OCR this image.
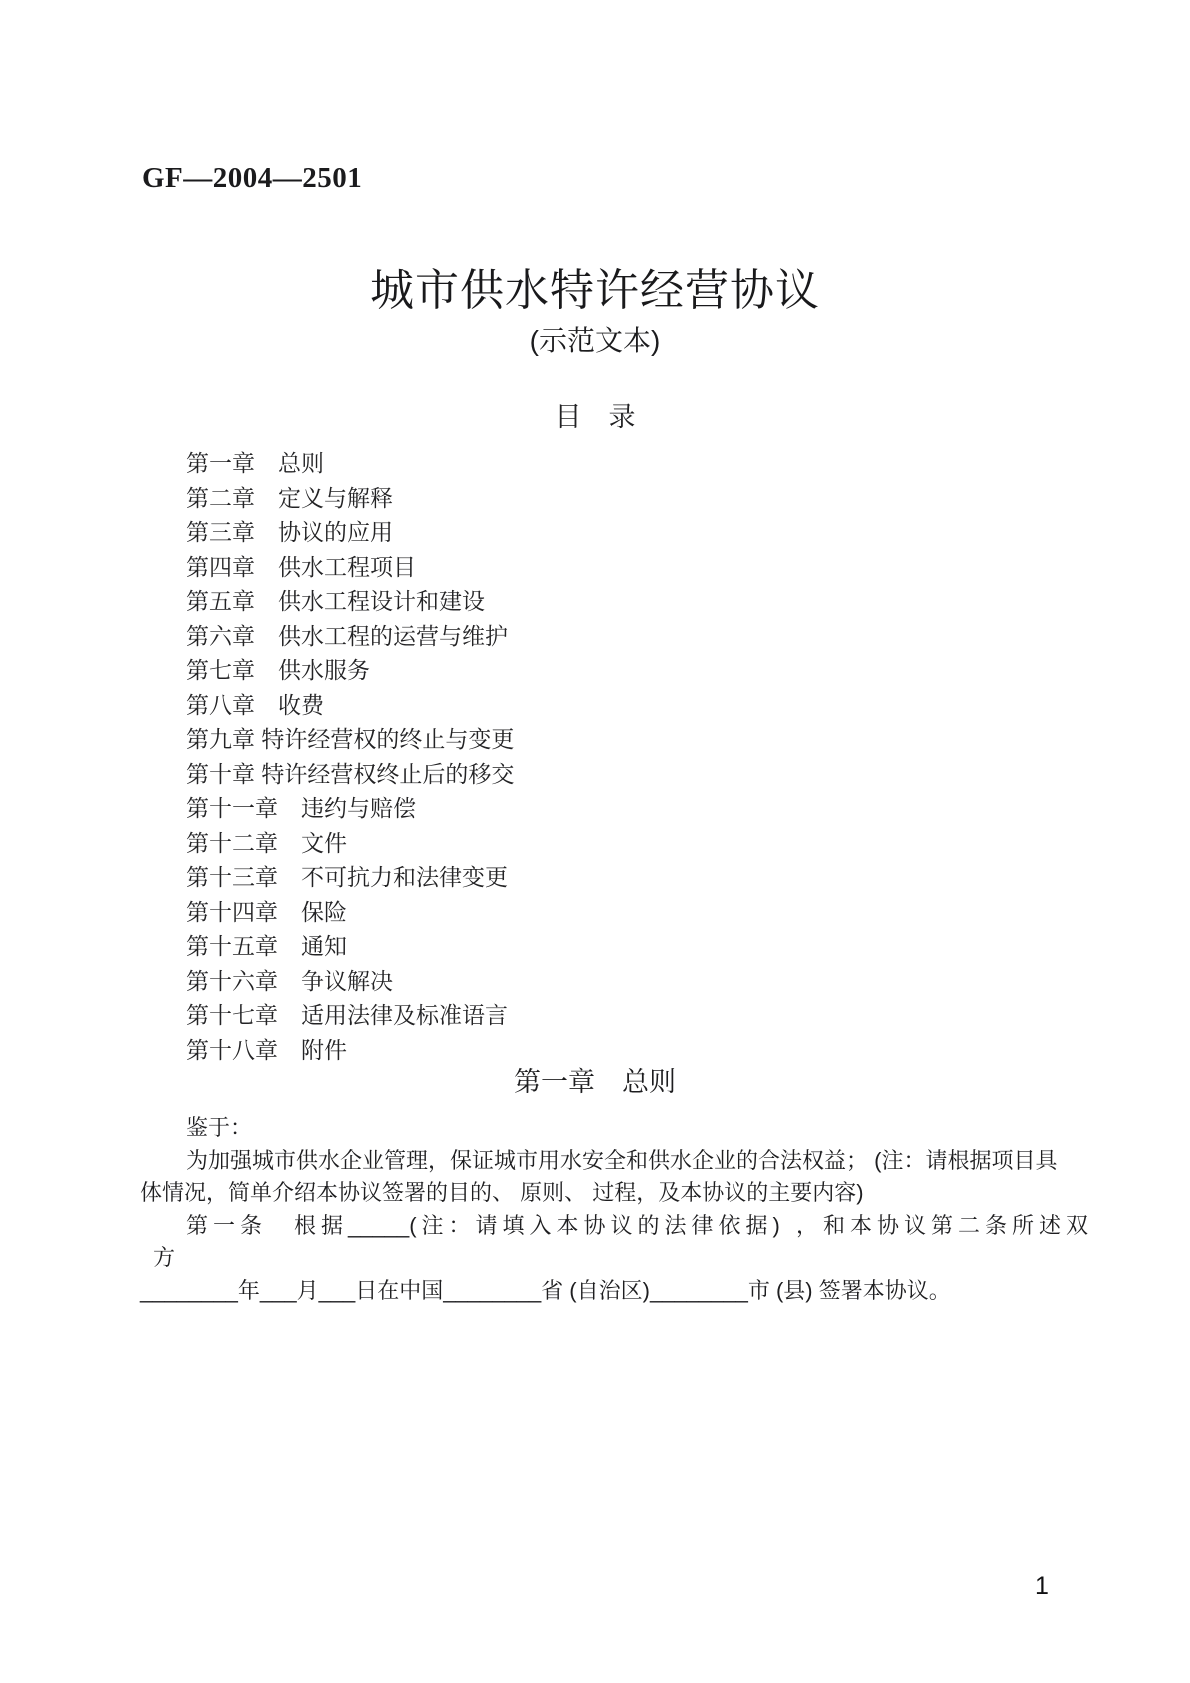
GF—2004—2501
城市供水特许经营协议
(示范文本)
目　录
第一章　总则
第二章　定义与解释
第三章　协议的应用
第四章　供水工程项目
第五章　供水工程设计和建设
第六章　供水工程的运营与维护
第七章　供水服务
第八章　收费
第九章 特许经营权的终止与变更
第十章 特许经营权终止后的移交
第十一章　违约与赔偿
第十二章　文件
第十三章　不可抗力和法律变更
第十四章　保险
第十五章　通知
第十六章　争议解决
第十七章　适用法律及标准语言
第十八章　附件
第一章　总则
鉴于：
为加强城市供水企业管理，保证城市用水安全和供水企业的合法权益； (注：请根据项目具
体情况，简单介绍本协议签署的目的、 原则、 过程，及本协议的主要内容)
第一条　根据_____(注：请填入本协议的法律依据) ，和本协议第二条所述双
方
________年___月___日在中国________省 (自治区)________市 (县) 签署本协议。
1
